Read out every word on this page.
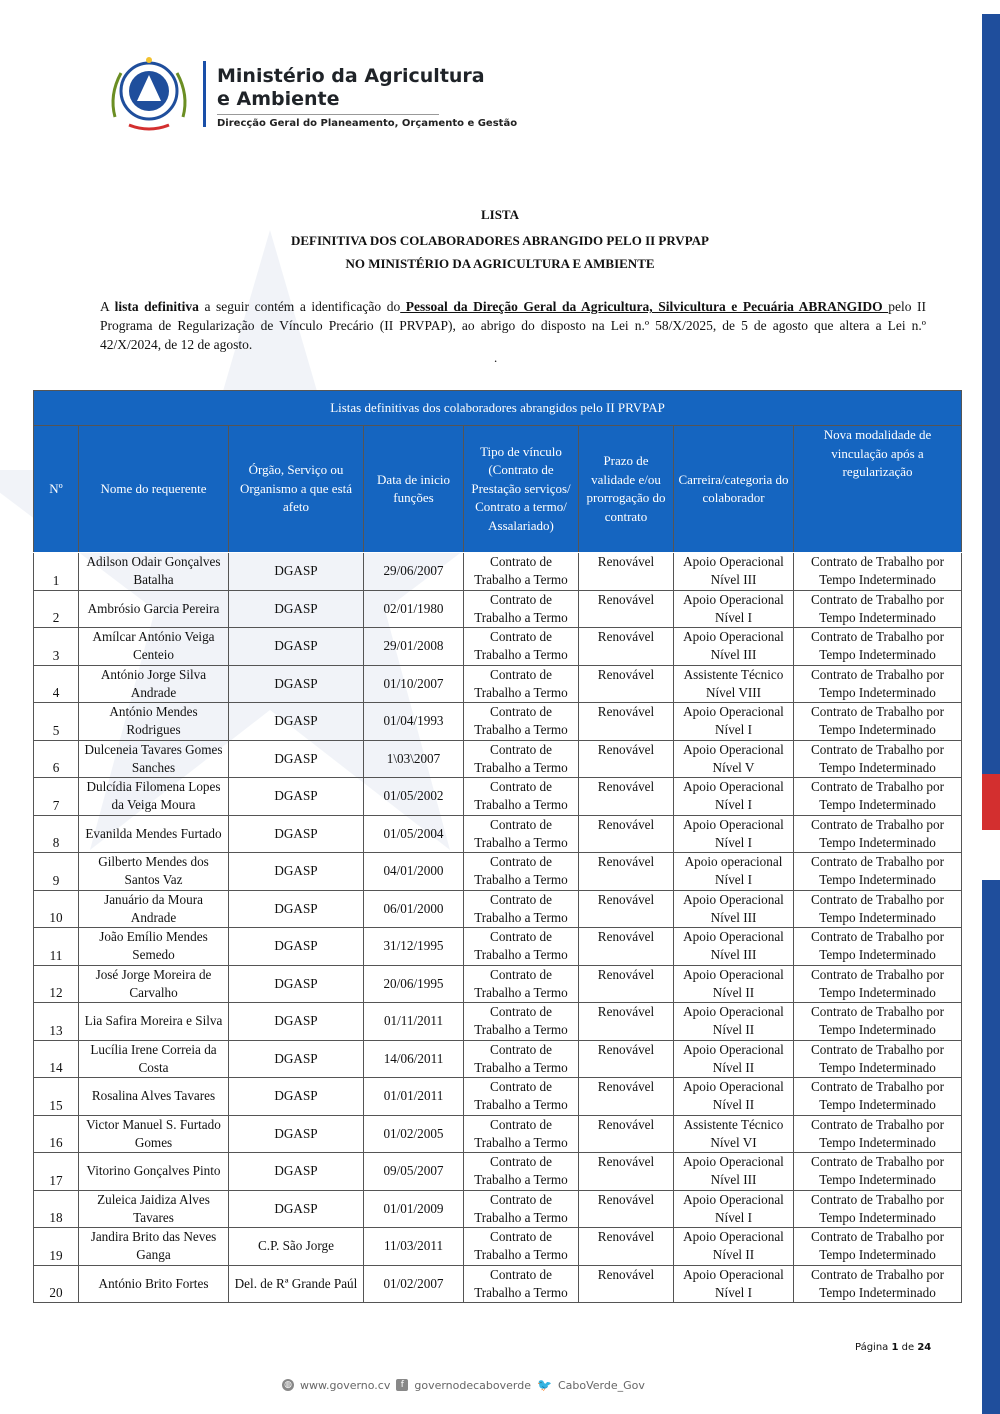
Ministério da Agricultura
e Ambiente
Direcção Geral do Planeamento, Orçamento e Gestão
LISTA
DEFINITIVA DOS COLABORADORES ABRANGIDO PELO II PRVPAP
NO MINISTÉRIO DA AGRICULTURA E AMBIENTE
A lista definitiva a seguir contém a identificação do Pessoal da Direção Geral da Agricultura, Silvicultura e Pecuária ABRANGIDO pelo II Programa de Regularização de Vínculo Precário (II PRVPAP), ao abrigo do disposto na Lei n.º 58/X/2025, de 5 de agosto que altera a Lei n.º 42/X/2024, de 12 de agosto.
.
Listas definitivas dos colaboradores abrangidos pelo II PRVPAP							
Nº	Nome do requerente	Órgão, Serviço ou Organismo a que está afeto	Data de inicio funções	Tipo de vínculo (Contrato de Prestação serviços/ Contrato a termo/ Assalariado)	Prazo de validade e/ou prorrogação do contrato	Carreira/categoria do colaborador	Nova modalidade de vinculação após a regularização
1	Adilson Odair Gonçalves Batalha	DGASP	29/06/2007	Contrato de Trabalho a Termo	Renovável	Apoio Operacional Nível III	Contrato de Trabalho por Tempo Indeterminado
2	Ambrósio Garcia Pereira	DGASP	02/01/1980	Contrato de Trabalho a Termo	Renovável	Apoio Operacional Nível I	Contrato de Trabalho por Tempo Indeterminado
3	Amílcar António Veiga Centeio	DGASP	29/01/2008	Contrato de Trabalho a Termo	Renovável	Apoio Operacional Nível III	Contrato de Trabalho por Tempo Indeterminado
4	António Jorge Silva Andrade	DGASP	01/10/2007	Contrato de Trabalho a Termo	Renovável	Assistente Técnico Nível VIII	Contrato de Trabalho por Tempo Indeterminado
5	António Mendes Rodrigues	DGASP	01/04/1993	Contrato de Trabalho a Termo	Renovável	Apoio Operacional Nível I	Contrato de Trabalho por Tempo Indeterminado
6	Dulceneia Tavares Gomes Sanches	DGASP	1\03\2007	Contrato de Trabalho a Termo	Renovável	Apoio Operacional Nível V	Contrato de Trabalho por Tempo Indeterminado
7	Dulcídia Filomena Lopes da Veiga Moura	DGASP	01/05/2002	Contrato de Trabalho a Termo	Renovável	Apoio Operacional Nível I	Contrato de Trabalho por Tempo Indeterminado
8	Evanilda Mendes Furtado	DGASP	01/05/2004	Contrato de Trabalho a Termo	Renovável	Apoio Operacional Nível I	Contrato de Trabalho por Tempo Indeterminado
9	Gilberto Mendes dos Santos Vaz	DGASP	04/01/2000	Contrato de Trabalho a Termo	Renovável	Apoio operacional Nível I	Contrato de Trabalho por Tempo Indeterminado
10	Januário da Moura Andrade	DGASP	06/01/2000	Contrato de Trabalho a Termo	Renovável	Apoio Operacional Nível III	Contrato de Trabalho por Tempo Indeterminado
11	João Emílio Mendes Semedo	DGASP	31/12/1995	Contrato de Trabalho a Termo	Renovável	Apoio Operacional Nível III	Contrato de Trabalho por Tempo Indeterminado
12	José Jorge Moreira de Carvalho	DGASP	20/06/1995	Contrato de Trabalho a Termo	Renovável	Apoio Operacional Nível II	Contrato de Trabalho por Tempo Indeterminado
13	Lia Safira Moreira e Silva	DGASP	01/11/2011	Contrato de Trabalho a Termo	Renovável	Apoio Operacional Nível II	Contrato de Trabalho por Tempo Indeterminado
14	Lucília Irene Correia da Costa	DGASP	14/06/2011	Contrato de Trabalho a Termo	Renovável	Apoio Operacional Nível II	Contrato de Trabalho por Tempo Indeterminado
15	Rosalina Alves Tavares	DGASP	01/01/2011	Contrato de Trabalho a Termo	Renovável	Apoio Operacional Nível II	Contrato de Trabalho por Tempo Indeterminado
16	Victor Manuel S. Furtado Gomes	DGASP	01/02/2005	Contrato de Trabalho a Termo	Renovável	Assistente Técnico Nível VI	Contrato de Trabalho por Tempo Indeterminado
17	Vitorino Gonçalves Pinto	DGASP	09/05/2007	Contrato de Trabalho a Termo	Renovável	Apoio Operacional Nível III	Contrato de Trabalho por Tempo Indeterminado
18	Zuleica Jaidiza Alves Tavares	DGASP	01/01/2009	Contrato de Trabalho a Termo	Renovável	Apoio Operacional Nível I	Contrato de Trabalho por Tempo Indeterminado
19	Jandira Brito das Neves Ganga	C.P. São Jorge	11/03/2011	Contrato de Trabalho a Termo	Renovável	Apoio Operacional Nível II	Contrato de Trabalho por Tempo Indeterminado
20	António Brito Fortes	Del. de Rª Grande Paúl	01/02/2007	Contrato de Trabalho a Termo	Renovável	Apoio Operacional Nível I	Contrato de Trabalho por Tempo Indeterminado
Página 1 de 24
◍ www.governo.cv	f governodecaboverde 🐦 CaboVerde_Gov
